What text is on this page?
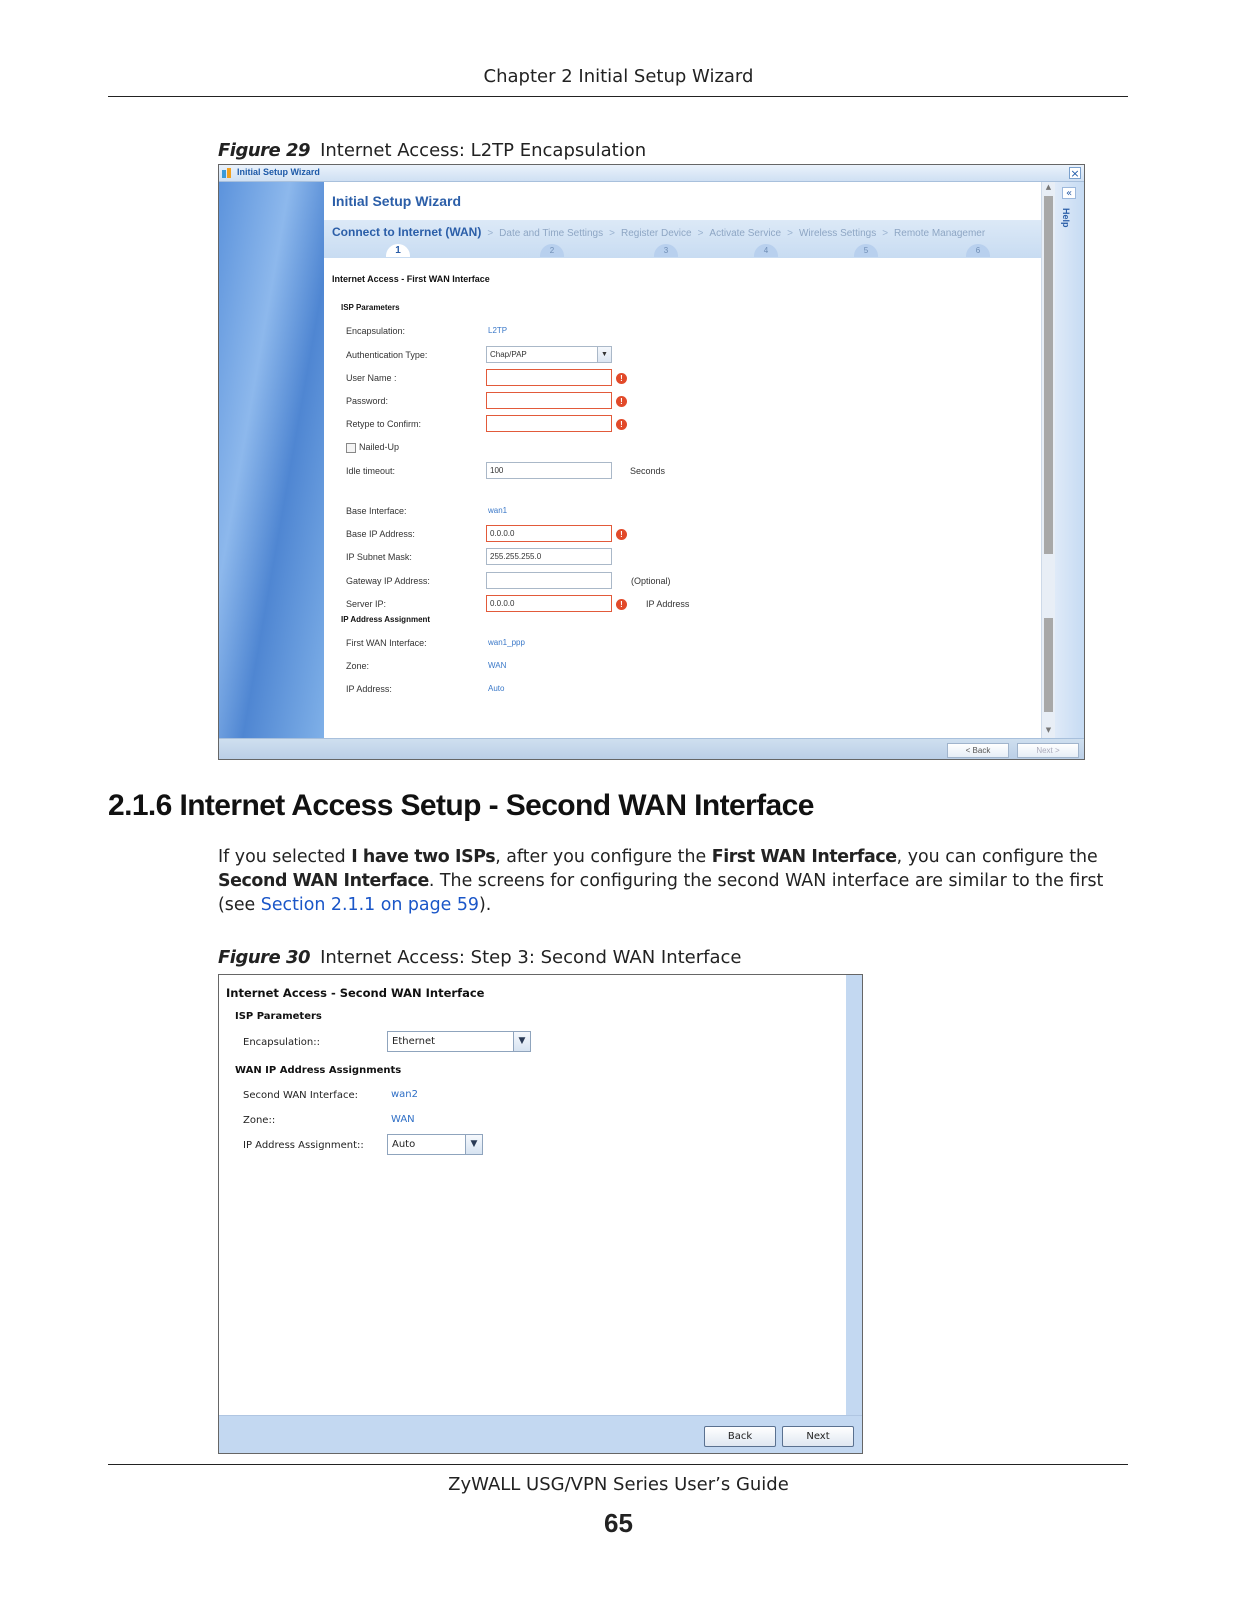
Chapter 2 Initial Setup Wizard
Figure 29 Internet Access: L2TP Encapsulation
Initial Setup Wizard	×
Initial Setup Wizard
Connect to Internet (WAN) > Date and Time Settings > Register Device > Activate Service > Wireless Settings > Remote Managemer
1	2	3	4	5	6
Internet Access - First WAN Interface
ISP Parameters
Encapsulation:	L2TP
Authentication Type:	Chap/PAP	▼
User Name :	!
Password:	!
Retype to Confirm:	!
Nailed-Up
Idle timeout:	100	Seconds
Base Interface:	wan1
Base IP Address:	0.0.0.0	!
IP Subnet Mask:	255.255.255.0
Gateway IP Address:	(Optional)
Server IP:	0.0.0.0	!	IP Address
IP Address Assignment
First WAN Interface:	wan1_ppp
Zone:	WAN
IP Address:	Auto
▲
▼
«
Help
< Back	Next >
2.1.6 Internet Access Setup - Second WAN Interface
If you selected I have two ISPs, after you configure the First WAN Interface, you can configure the Second WAN Interface. The screens for configuring the second WAN interface are similar to the first (see Section 2.1.1 on page 59).
Figure 30 Internet Access: Step 3: Second WAN Interface
Internet Access - Second WAN Interface
ISP Parameters
Encapsulation::	Ethernet	▼
WAN IP Address Assignments
Second WAN Interface:	wan2
Zone::	WAN
IP Address Assignment::	Auto	▼
Back	Next
ZyWALL USG/VPN Series User’s Guide
65
